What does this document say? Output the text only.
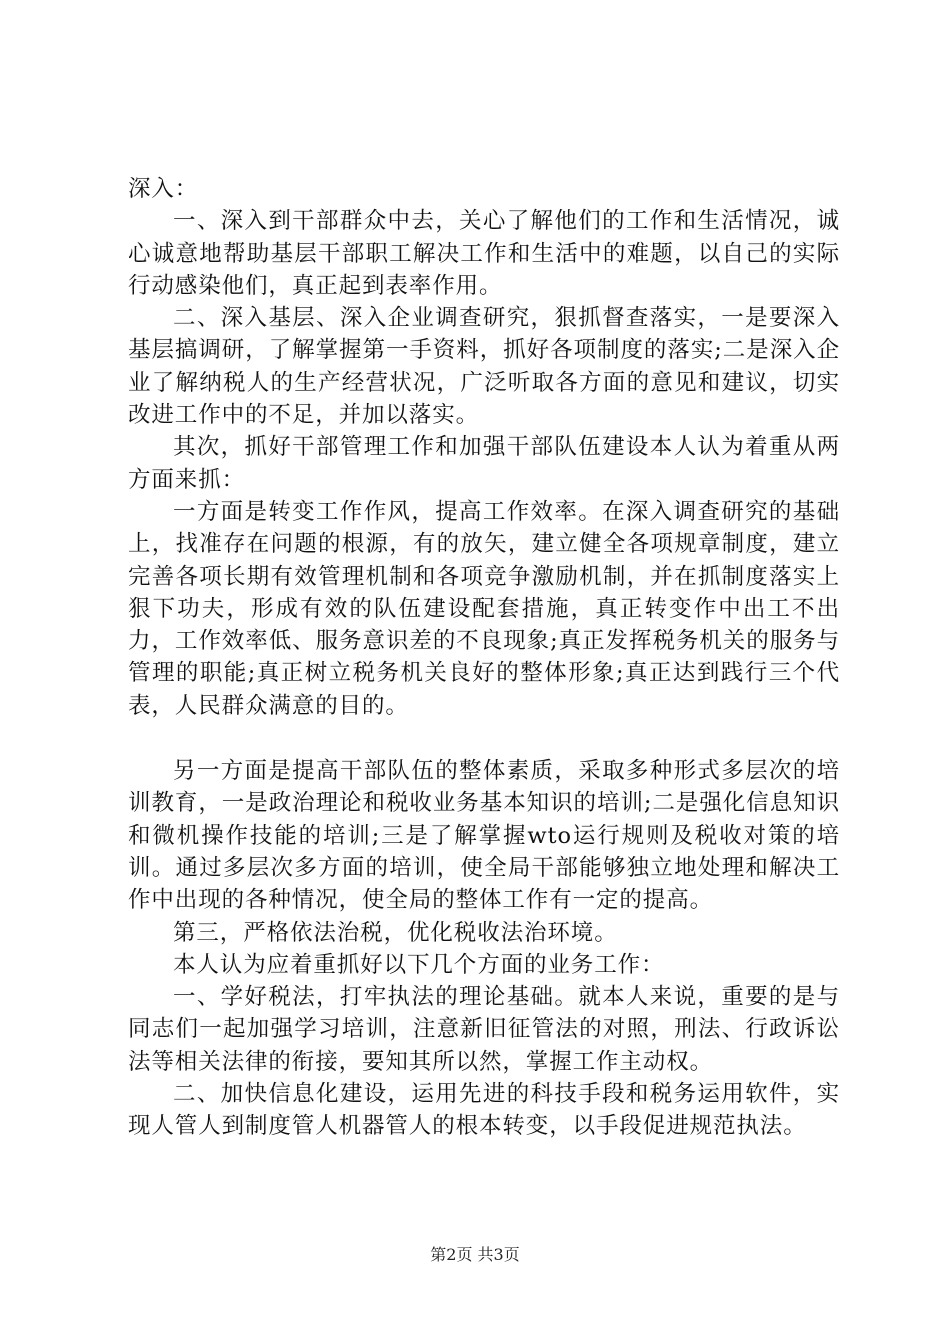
深入：

一、深入到干部群众中去，关心了解他们的工作和生活情况，诚心诚意地帮助基层干部职工解决工作和生活中的难题，以自己的实际行动感染他们，真正起到表率作用。

二、深入基层、深入企业调查研究，狠抓督查落实，一是要深入基层搞调研，了解掌握第一手资料，抓好各项制度的落实;二是深入企业了解纳税人的生产经营状况，广泛听取各方面的意见和建议，切实改进工作中的不足，并加以落实。

其次，抓好干部管理工作和加强干部队伍建设本人认为着重从两方面来抓：

一方面是转变工作作风，提高工作效率。在深入调查研究的基础上，找准存在问题的根源，有的放矢，建立健全各项规章制度，建立完善各项长期有效管理机制和各项竞争激励机制，并在抓制度落实上狠下功夫，形成有效的队伍建设配套措施，真正转变作中出工不出力，工作效率低、服务意识差的不良现象;真正发挥税务机关的服务与管理的职能;真正树立税务机关良好的整体形象;真正达到践行三个代表，人民群众满意的目的。

另一方面是提高干部队伍的整体素质，采取多种形式多层次的培训教育，一是政治理论和税收业务基本知识的培训;二是强化信息知识和微机操作技能的培训;三是了解掌握wto运行规则及税收对策的培训。通过多层次多方面的培训，使全局干部能够独立地处理和解决工作中出现的各种情况，使全局的整体工作有一定的提高。

第三，严格依法治税，优化税收法治环境。

本人认为应着重抓好以下几个方面的业务工作：

一、学好税法，打牢执法的理论基础。就本人来说，重要的是与同志们一起加强学习培训，注意新旧征管法的对照，刑法、行政诉讼法等相关法律的衔接，要知其所以然，掌握工作主动权。

二、加快信息化建设，运用先进的科技手段和税务运用软件，实现人管人到制度管人机器管人的根本转变，以手段促进规范执法。

第2页 共3页
